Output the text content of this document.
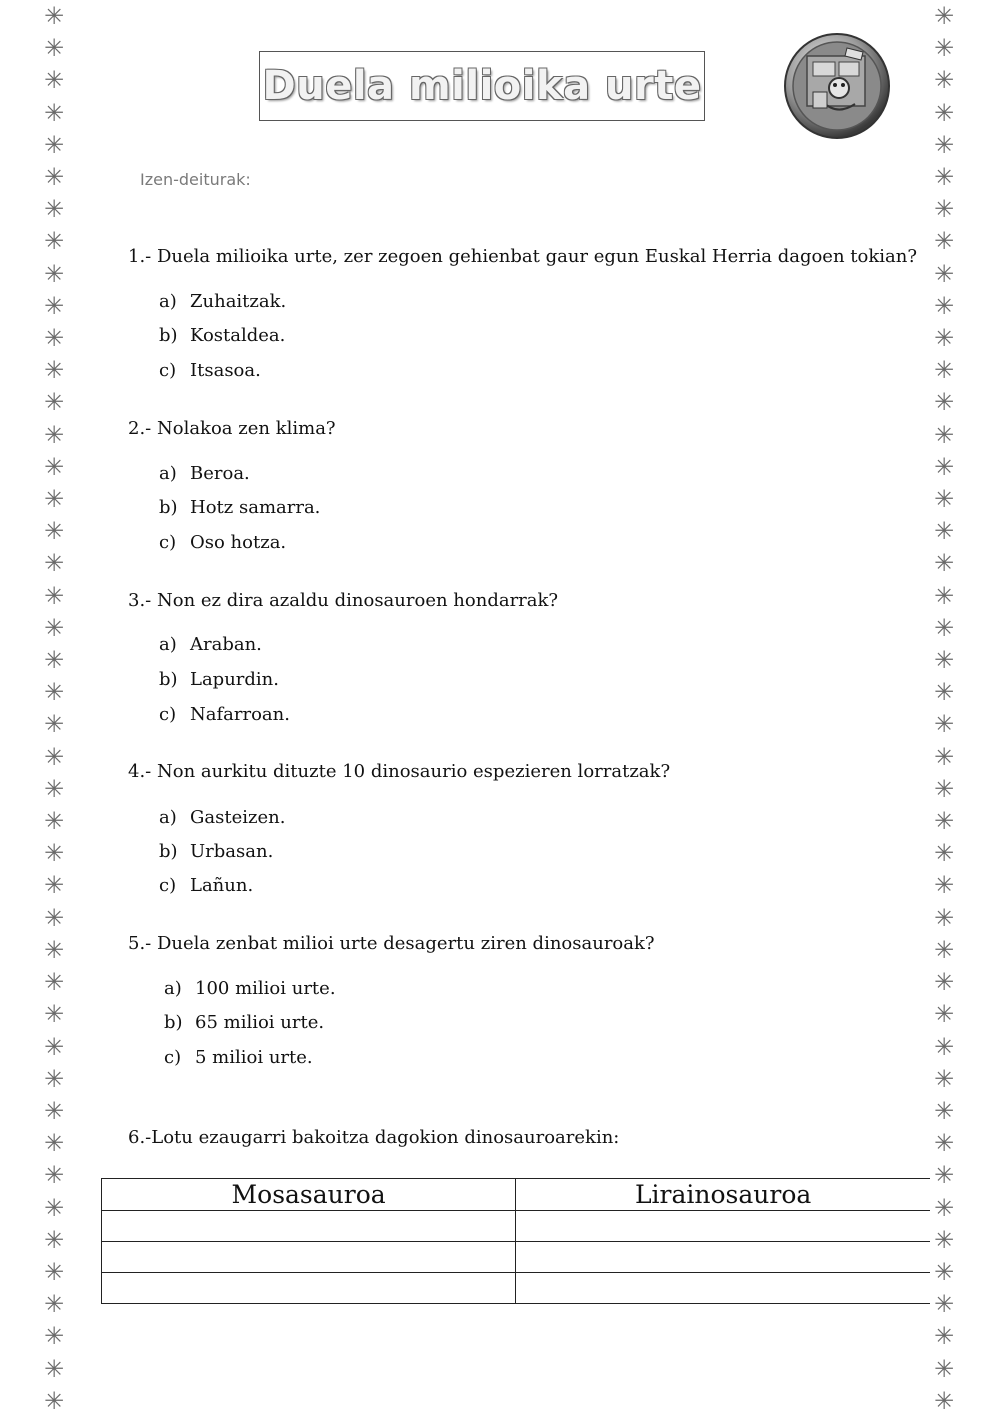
✳
✳
✳
✳
✳
✳
✳
✳
✳
✳
✳
✳
✳
✳
✳
✳
✳
✳
✳
✳
✳
✳
✳
✳
✳
✳
✳
✳
✳
✳
✳
✳
✳
✳
✳
✳
✳
✳
✳
✳
✳
✳
✳
✳
✳
✳
✳
✳
✳
✳
✳
✳
✳
✳
✳
✳
✳
✳
✳
✳
✳
✳
✳
✳
✳
✳
✳
✳
✳
✳
✳
✳
✳
✳
✳
✳
✳
✳
✳
✳
✳
✳
✳
✳
✳
✳
✳
✳
Duela milioika urte
Izen-deiturak:
1.- Duela milioika urte, zer zegoen gehienbat gaur egun Euskal Herria dagoen tokian?
a) Zuhaitzak.
b) Kostaldea.
c) Itsasoa.
2.- Nolakoa zen klima?
a) Beroa.
b) Hotz samarra.
c) Oso hotza.
3.- Non ez dira azaldu dinosauroen hondarrak?
a) Araban.
b) Lapurdin.
c) Nafarroan.
4.- Non aurkitu dituzte 10 dinosaurio espezieren lorratzak?
a) Gasteizen.
b) Urbasan.
c) Lañun.
5.- Duela zenbat milioi urte desagertu ziren dinosauroak?
a) 100 milioi urte.
b) 65 milioi urte.
c) 5 milioi urte.
6.-Lotu ezaugarri bakoitza dagokion dinosauroarekin:
Mosasauroa	Lirainosauroa
